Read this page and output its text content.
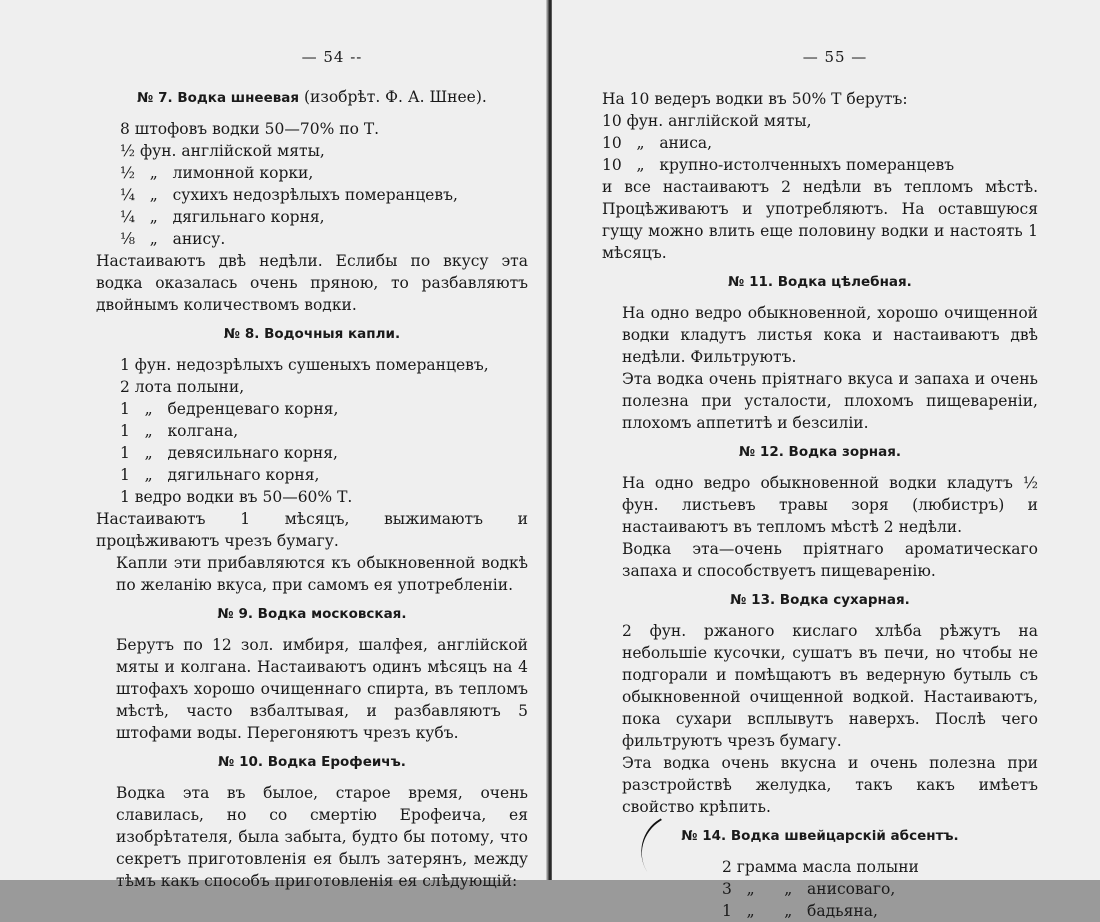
— 54 --
№ 7. Водка шнеевая (изобрѣт. Ф. А. Шнее).
8 штофовъ водки 50—70% по Т.
½ фун. англійской мяты,
½   „   лимонной корки,
¼   „   сухихъ недозрѣлыхъ померанцевъ,
¼   „   дягильнаго корня,
⅛   „   анису.
Настаиваютъ двѣ недѣли. Еслибы по вкусу эта водка оказалась очень пряною, то разбавляютъ двойнымъ количествомъ водки.
№ 8. Водочныя капли.
1 фун. недозрѣлыхъ сушеныхъ померанцевъ,
2 лота полыни,
1   „   бедренцеваго корня,
1   „   колгана,
1   „   девясильнаго корня,
1   „   дягильнаго корня,
1 ведро водки въ 50—60% Т.
Настаиваютъ 1 мѣсяцъ, выжимаютъ и процѣживаютъ чрезъ бумагу.
Капли эти прибавляются къ обыкновенной водкѣ по желанію вкуса, при самомъ ея употребленіи.
№ 9. Водка московская.
Берутъ по 12 зол. имбиря, шалфея, англійской мяты и колгана. Настаиваютъ одинъ мѣсяцъ на 4 штофахъ хорошо очищеннаго спирта, въ тепломъ мѣстѣ, часто взбалтывая, и разбавляютъ 5 штофами воды. Перегоняютъ чрезъ кубъ.
№ 10. Водка Ерофеичъ.
Водка эта въ былое, старое время, очень славилась, но со смертію Ерофеича, ея изобрѣтателя, была забыта, будто бы потому, что секретъ приготовленія ея былъ затерянъ, между тѣмъ какъ способъ приготовленія ея слѣдующій:
— 55 —
На 10 ведеръ водки въ 50% Т берутъ:
10 фун. англійской мяты,
10   „   аниса,
10   „   крупно-истолченныхъ померанцевъ
и все настаиваютъ 2 недѣли въ тепломъ мѣстѣ. Процѣживаютъ и употребляютъ. На оставшуюся гущу можно влить еще половину водки и настоять 1 мѣсяцъ.
№ 11. Водка цѣлебная.
На одно ведро обыкновенной, хорошо очищенной водки кладутъ листья кока и настаиваютъ двѣ недѣли. Фильтруютъ.
Эта водка очень пріятнаго вкуса и запаха и очень полезна при усталости, плохомъ пищевареніи, плохомъ аппетитѣ и безсиліи.
№ 12. Водка зорная.
На одно ведро обыкновенной водки кладутъ ½ фун. листьевъ травы зоря (любистръ) и настаиваютъ въ тепломъ мѣстѣ 2 недѣли.
Водка эта—очень пріятнаго ароматическаго запаха и способствуетъ пищеваренію.
№ 13. Водка сухарная.
2 фун. ржаного кислаго хлѣба рѣжутъ на небольшіе кусочки, сушатъ въ печи, но чтобы не подгорали и помѣщаютъ въ ведерную бутыль съ обыкновенной очищенной водкой. Настаиваютъ, пока сухари всплывутъ наверхъ. Послѣ чего фильтруютъ чрезъ бумагу.
Эта водка очень вкусна и очень полезна при разстройствѣ желудка, такъ какъ имѣетъ свойство крѣпить.
№ 14. Водка швейцарскій абсентъ.
2 грамма масла полыни
3   „      „   анисоваго,
1   „      „   бадьяна,
